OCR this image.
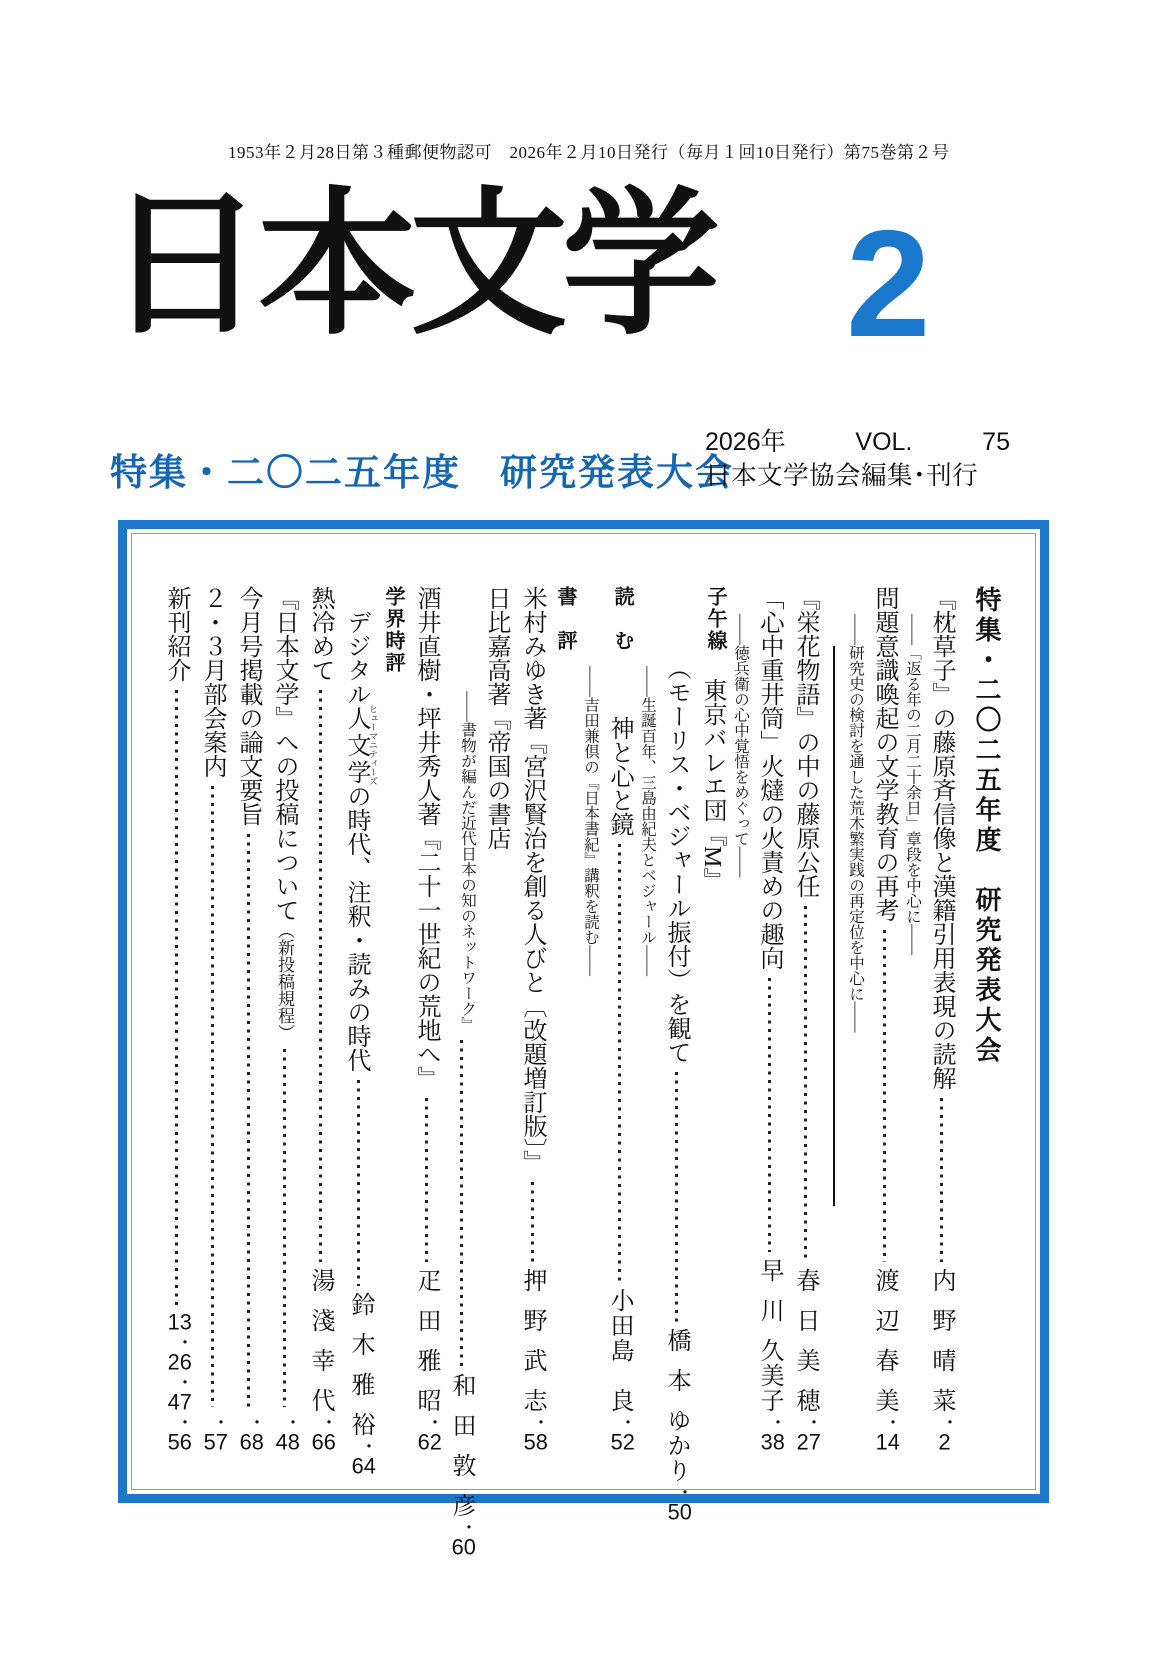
1953年２月28日第３種郵便物認可　2026年２月10日発行（毎月１回10日発行）第75巻第２号
日本文学 2
特集・二〇二五年度　研究発表大会
2026年	VOL.	75
日本文学協会編集･刊行
特集・二〇二五年度　研究発表大会
『枕草子』の藤原斉信像と漢籍引用表現の読解
内 野 晴 菜
・
2
——「返る年の二月二十余日」章段を中心に——
問題意識喚起の文学教育の再考
渡 辺 春 美
・
14
——研究史の検討を通した荒木繁実践の再定位を中心に——
『栄花物語』の中の藤原公任
春 日 美 穂
・
27
「心中重井筒」火燵の火責めの趣向
早 川 久美子
・
38
——徳兵衛の心中覚悟をめぐって——
子午線
東京バレエ団『M』
（モーリス・ベジャール振付）を観て
橋 本 ゆかり
・
50
——生誕百年、三島由紀夫とベジャール——
読　む
神と心と鏡
小田島　良
・
52
——吉田兼倶の『日本書紀』講釈を読む——
書　評
米村みゆき著『宮沢賢治を創る人びと〔改題増訂版〕』
押 野 武 志
・
58
日比嘉高著『帝国の書店
——書物が編んだ近代日本の知のネットワーク』
和 田 敦 彦
・
60
酒井直樹・坪井秀人著『二十一世紀の荒地へ』
疋 田 雅 昭
・
62
学界時評
デジタル人文学 ヒューマニティーズの時代、注釈・読みの時代
鈴 木 雅 裕
・
64
熱冷めて
湯 淺 幸 代
・
66
『日本文学』への投稿について
（新投稿規程）
・
48
今月号掲載の論文要旨
・
68
２・３月部会案内
・
57
新刊紹介
13
・
26
・
47
・
56
